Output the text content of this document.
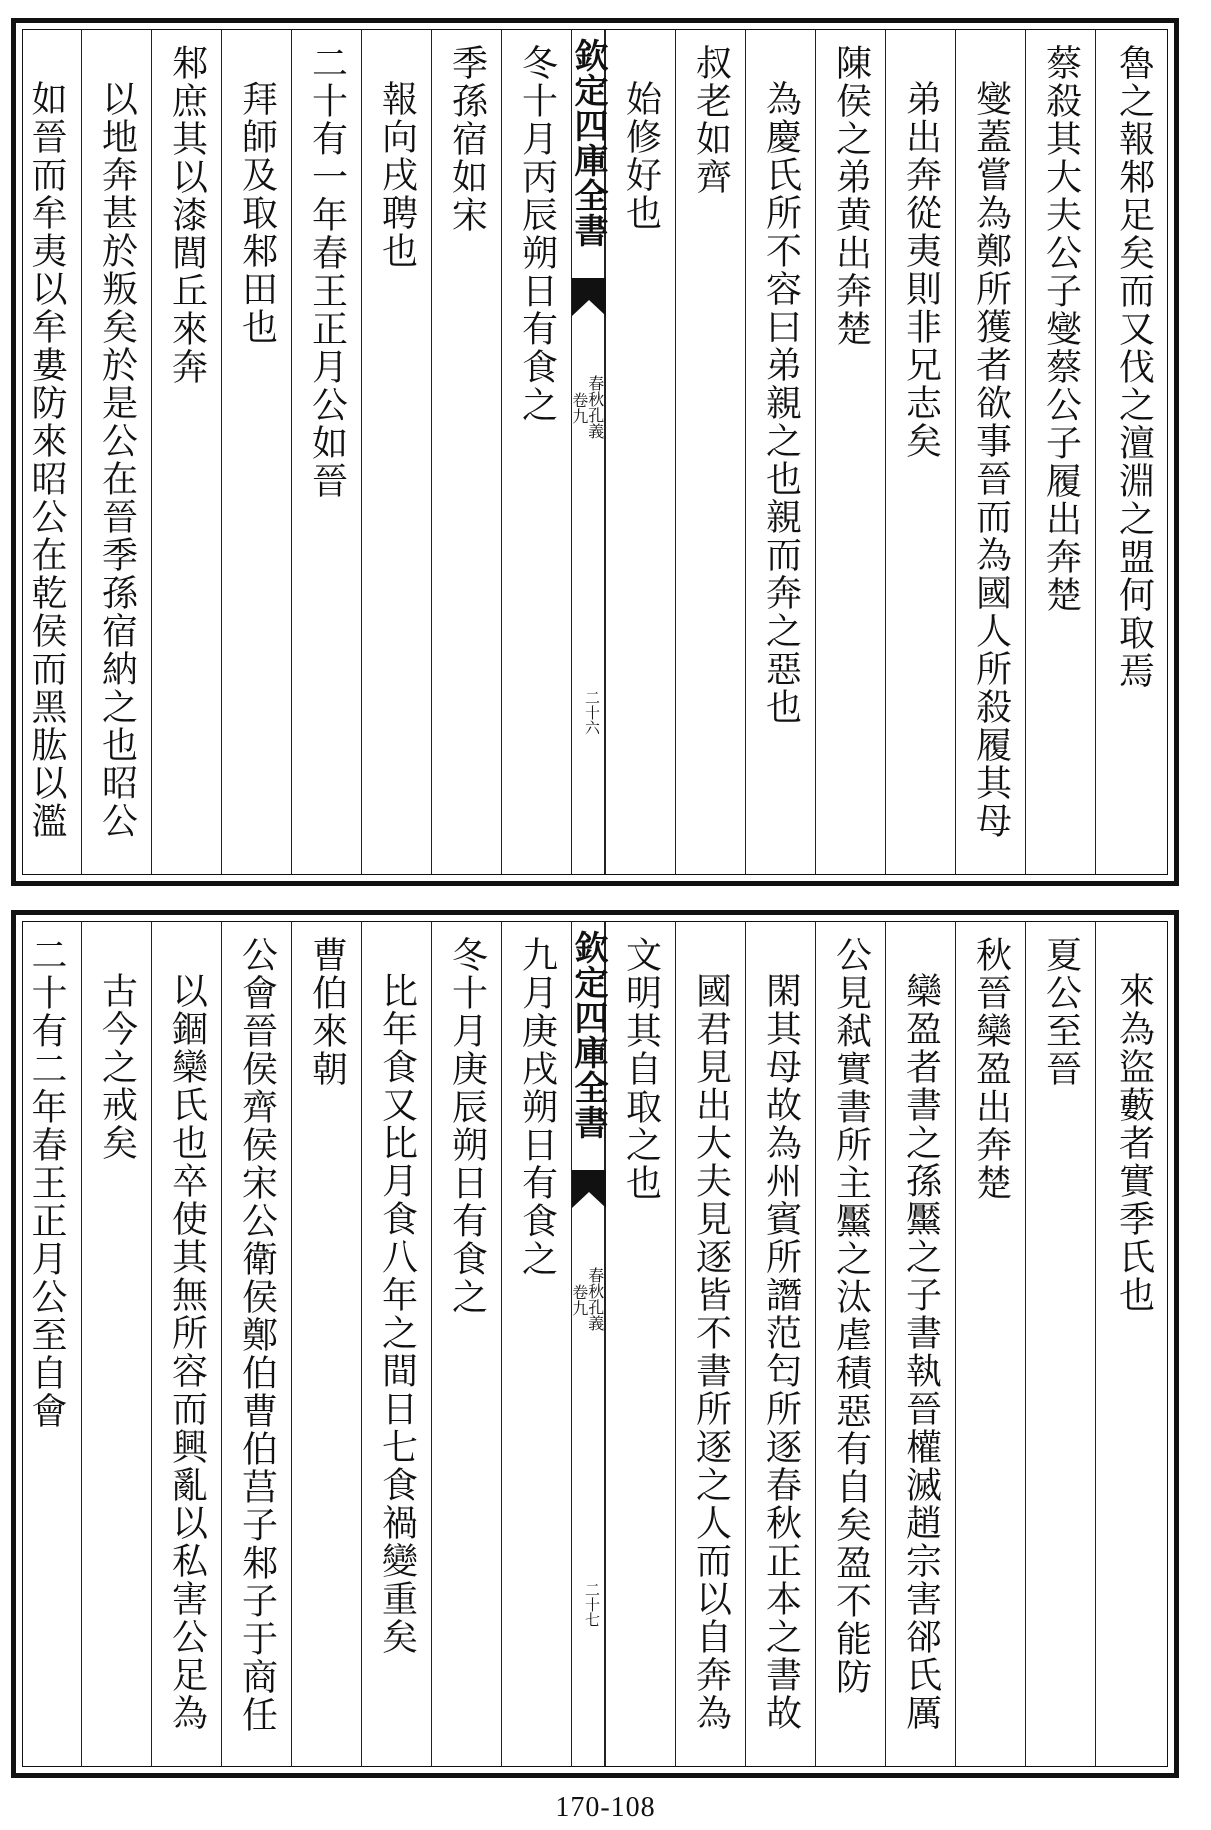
魯之報邾足矣而又伐之澶淵之盟何取焉
蔡殺其大夫公子燮蔡公子履出奔楚
燮蓋嘗為鄭所獲者欲事晉而為國人所殺履其母
弟出奔從夷則非兄志矣
陳侯之弟黄出奔楚
為慶氏所不容曰弟親之也親而奔之惡也
叔老如齊
始修好也
欽定四庫全書
春秋孔義
卷九
二十六
冬十月丙辰朔日有食之
季孫宿如宋
報向戌聘也
二十有一年春王正月公如晉
拜師及取邾田也
邾庶其以漆閭丘來奔
以地奔甚於叛矣於是公在晉季孫宿納之也昭公
如晉而牟夷以牟婁防來昭公在乾侯而黑肱以濫
來為盜藪者實季氏也
夏公至晉
秋晉欒盈出奔楚
欒盈者書之孫黶之子書執晉權滅趙宗害郤氏厲
公見弒實書所主黶之汰虐積惡有自矣盈不能防
閑其母故為州賓所譖范匄所逐春秋正本之書故
國君見出大夫見逐皆不書所逐之人而以自奔為
文明其自取之也
欽定四庫全書
春秋孔義
卷九
二十七
九月庚戌朔日有食之
冬十月庚辰朔日有食之
比年食又比月食八年之間日七食禍變重矣
曹伯來朝
公會晉侯齊侯宋公衛侯鄭伯曹伯莒子邾子于商任
以錮欒氏也卒使其無所容而興亂以私害公足為
古今之戒矣
二十有二年春王正月公至自會
170-108
